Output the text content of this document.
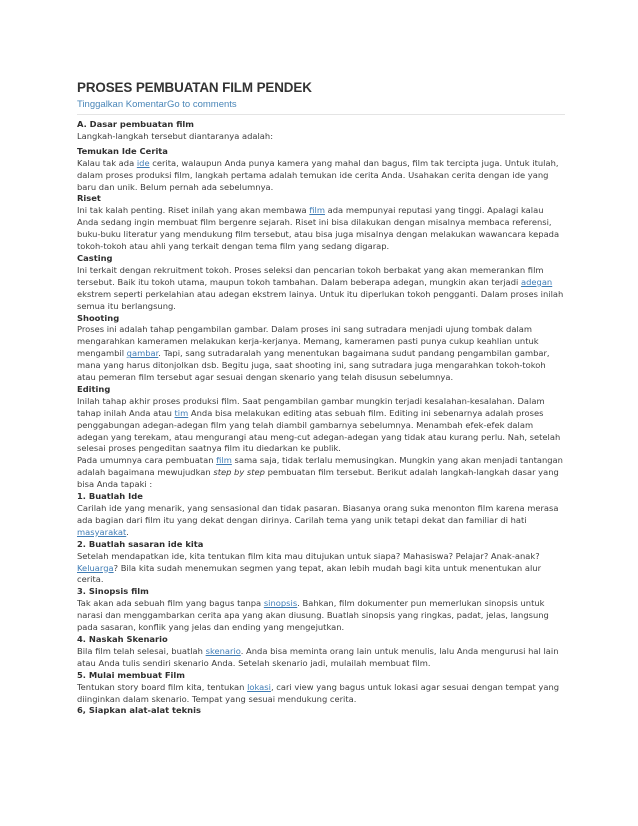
PROSES PEMBUATAN FILM PENDEK
Tinggalkan KomentarGo to comments
A. Dasar pembuatan film

Langkah-langkah tersebut diantaranya adalah:

Temukan Ide Cerita

Kalau tak ada ide cerita, walaupun Anda punya kamera yang mahal dan bagus, film tak tercipta juga. Untuk itulah, dalam proses produksi film, langkah pertama adalah temukan ide cerita Anda. Usahakan cerita dengan ide yang baru dan unik. Belum pernah ada sebelumnya.

Riset

Ini tak kalah penting. Riset inilah yang akan membawa film ada mempunyai reputasi yang tinggi. Apalagi kalau Anda sedang ingin membuat film bergenre sejarah. Riset ini bisa dilakukan dengan misalnya membaca referensi, buku-buku literatur yang mendukung film tersebut, atau bisa juga misalnya dengan melakukan wawancara kepada tokoh-tokoh atau ahli yang terkait dengan tema film yang sedang digarap.

Casting

Ini terkait dengan rekruitment tokoh. Proses seleksi dan pencarian tokoh berbakat yang akan memerankan film tersebut. Baik itu tokoh utama, maupun tokoh tambahan. Dalam beberapa adegan, mungkin akan terjadi adegan ekstrem seperti perkelahian atau adegan ekstrem lainya. Untuk itu diperlukan tokoh pengganti. Dalam proses inilah semua itu berlangsung.

Shooting

Proses ini adalah tahap pengambilan gambar. Dalam proses ini sang sutradara menjadi ujung tombak dalam mengarahkan kameramen melakukan kerja-kerjanya. Memang, kameramen pasti punya cukup keahlian untuk mengambil gambar. Tapi, sang sutradaralah yang menentukan bagaimana sudut pandang pengambilan gambar, mana yang harus ditonjolkan dsb. Begitu juga, saat shooting ini, sang sutradara juga mengarahkan tokoh-tokoh atau pemeran film tersebut agar sesuai dengan skenario yang telah disusun sebelumnya.

Editing

Inilah tahap akhir proses produksi film. Saat pengambilan gambar mungkin terjadi kesalahan-kesalahan. Dalam tahap inilah Anda atau tim Anda bisa melakukan editing atas sebuah film. Editing ini sebenarnya adalah proses penggabungan adegan-adegan film yang telah diambil gambarnya sebelumnya. Menambah efek-efek dalam adegan yang terekam, atau mengurangi atau meng-cut adegan-adegan yang tidak atau kurang perlu. Nah, setelah selesai proses pengeditan saatnya film itu diedarkan ke publik.

Pada umumnya cara pembuatan film sama saja, tidak terlalu memusingkan. Mungkin yang akan menjadi tantangan adalah bagaimana mewujudkan step by step pembuatan film tersebut. Berikut adalah langkah-langkah dasar yang bisa Anda tapaki :

1. Buatlah Ide

Carilah ide yang menarik, yang sensasional dan tidak pasaran. Biasanya orang suka menonton film karena merasa ada bagian dari film itu yang dekat dengan dirinya. Carilah tema yang unik tetapi dekat dan familiar di hati masyarakat.

2. Buatlah sasaran ide kita

Setelah mendapatkan ide, kita tentukan film kita mau ditujukan untuk siapa? Mahasiswa? Pelajar? Anak-anak? Keluarga? Bila kita sudah menemukan segmen yang tepat, akan lebih mudah bagi kita untuk menentukan alur cerita.

3. Sinopsis film

Tak akan ada sebuah film yang bagus tanpa sinopsis. Bahkan, film dokumenter pun memerlukan sinopsis untuk narasi dan menggambarkan cerita apa yang akan diusung. Buatlah sinopsis yang ringkas, padat, jelas, langsung pada sasaran, konflik yang jelas dan ending yang mengejutkan.

4. Naskah Skenario

Bila film telah selesai, buatlah skenario. Anda bisa meminta orang lain untuk menulis, lalu Anda mengurusi hal lain atau Anda tulis sendiri skenario Anda. Setelah skenario jadi, mulailah membuat film.

5. Mulai membuat Film

Tentukan story board film kita, tentukan lokasi, cari view yang bagus untuk lokasi agar sesuai dengan tempat yang diinginkan dalam skenario. Tempat yang sesuai mendukung cerita.

6, Siapkan alat-alat teknis
